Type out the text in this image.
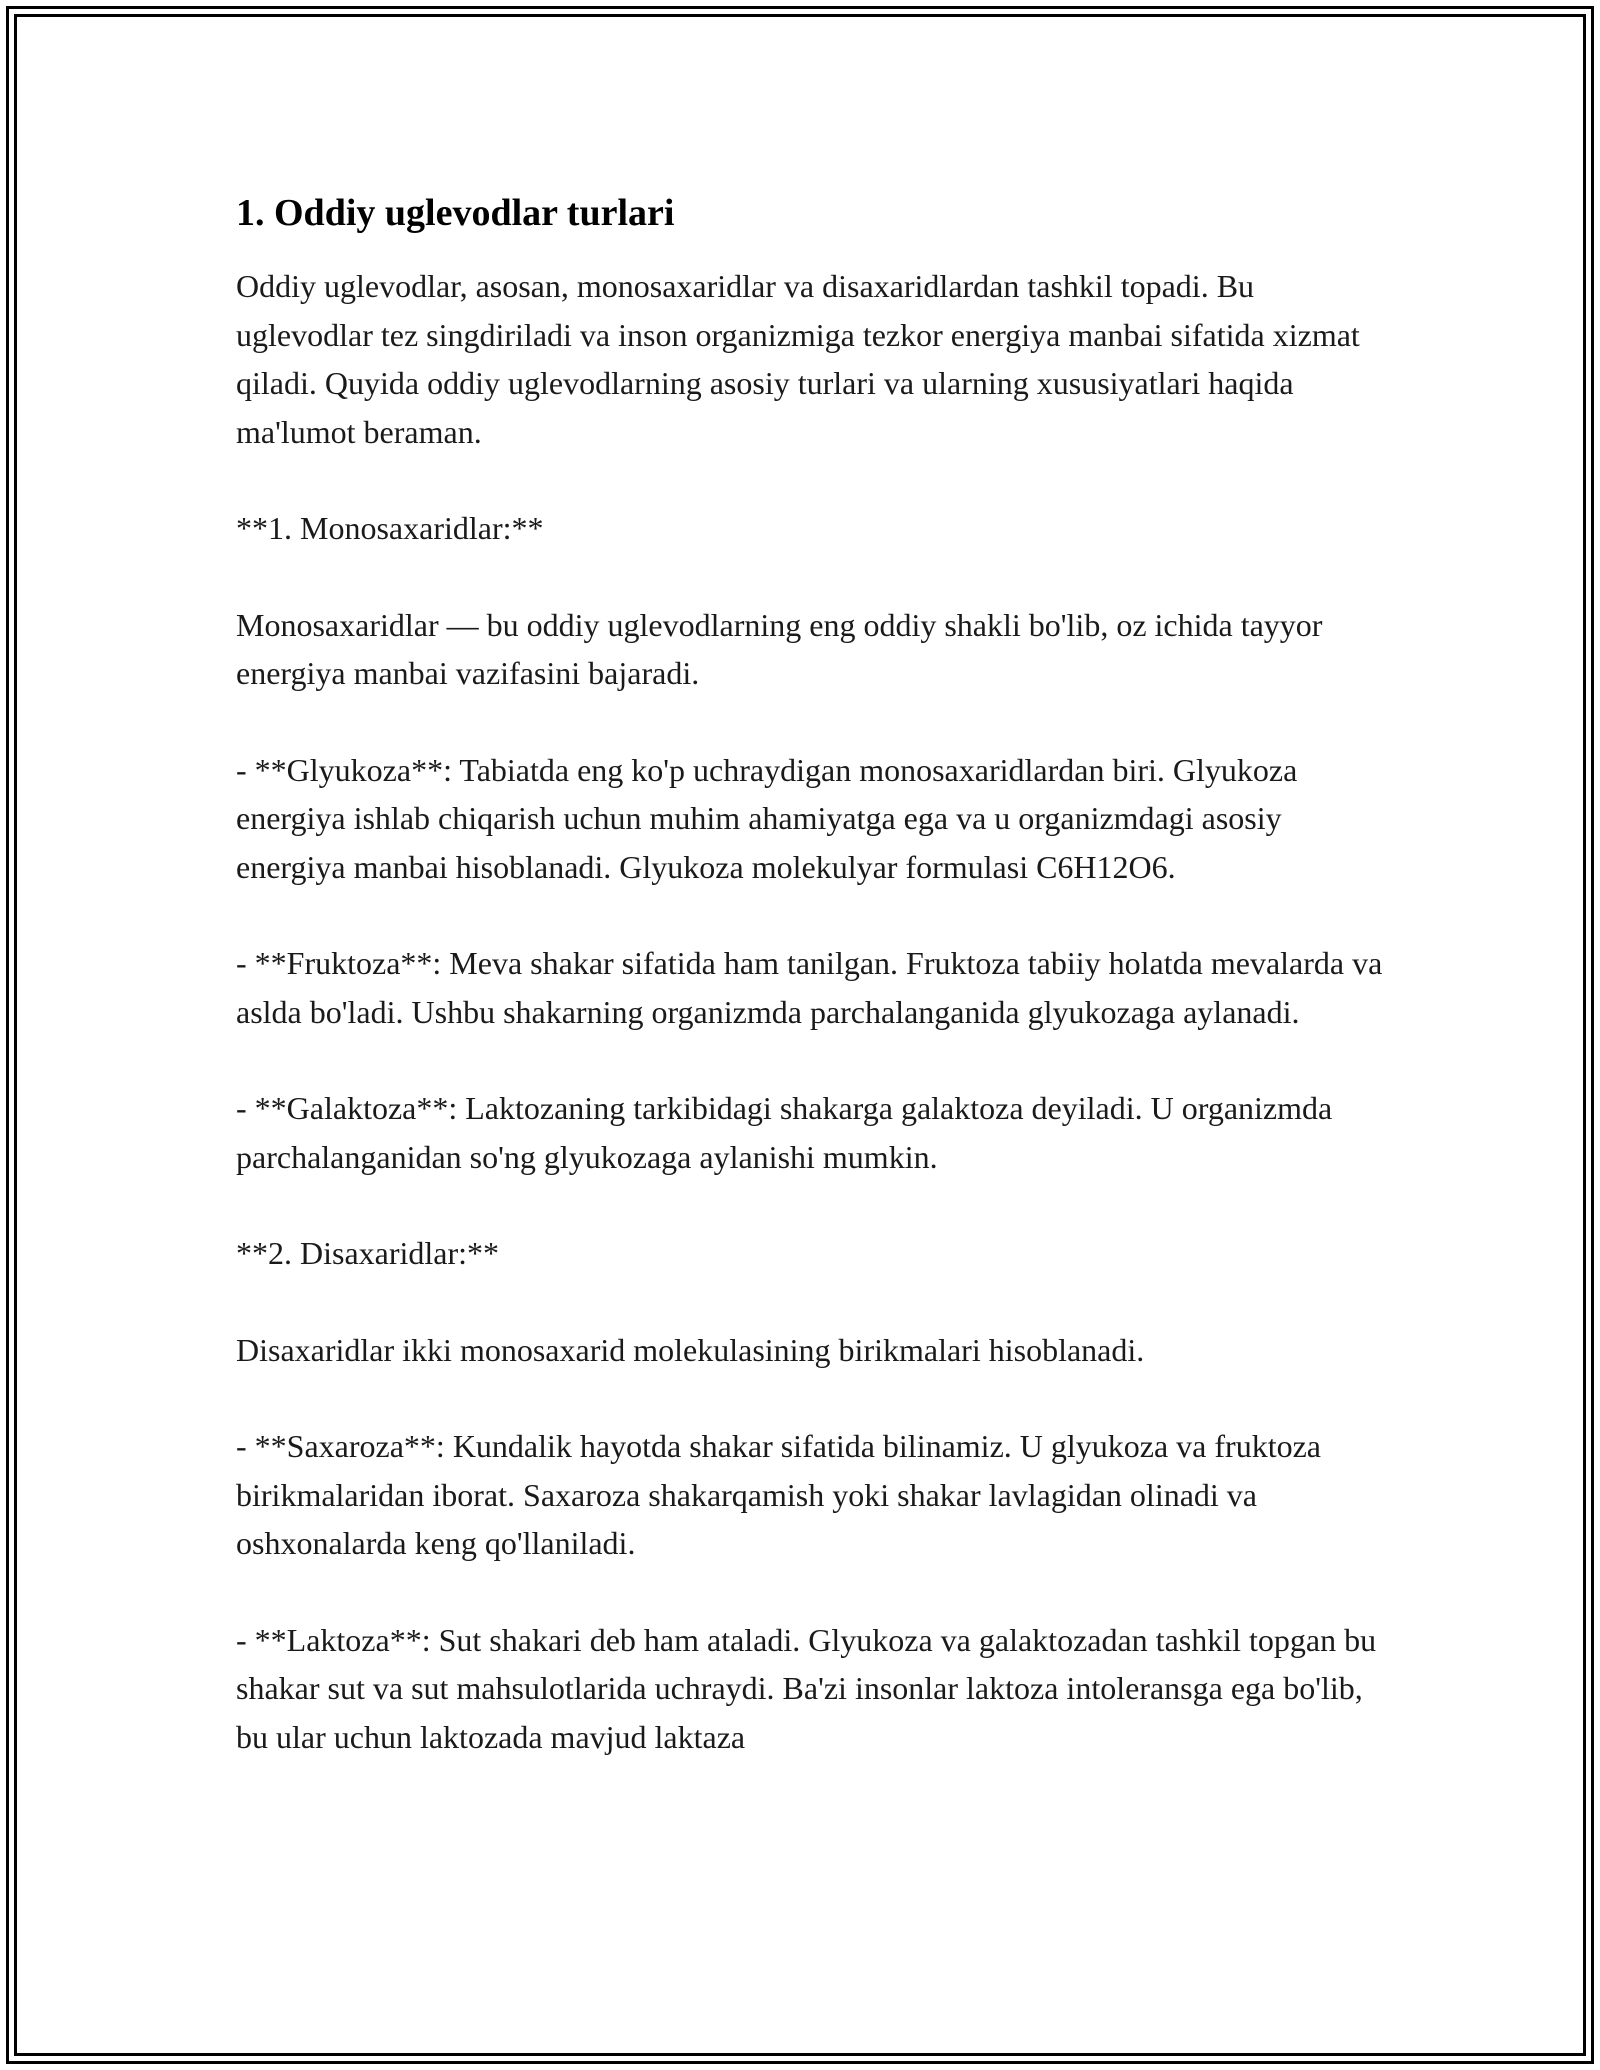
1. Oddiy uglevodlar turlari

Oddiy uglevodlar, asosan, monosaxaridlar va disaxaridlardan tashkil topadi. Bu uglevodlar tez singdiriladi va inson organizmiga tezkor energiya manbai sifatida xizmat qiladi. Quyida oddiy uglevodlarning asosiy turlari va ularning xususiyatlari haqida ma'lumot beraman.

**1. Monosaxaridlar:**

Monosaxaridlar — bu oddiy uglevodlarning eng oddiy shakli bo'lib, oz ichida tayyor energiya manbai vazifasini bajaradi.

- **Glyukoza**: Tabiatda eng ko'p uchraydigan monosaxaridlardan biri. Glyukoza energiya ishlab chiqarish uchun muhim ahamiyatga ega va u organizmdagi asosiy energiya manbai hisoblanadi. Glyukoza molekulyar formulasi C6H12O6.

- **Fruktoza**: Meva shakar sifatida ham tanilgan. Fruktoza tabiiy holatda mevalarda va asldа bo'ladi. Ushbu shakarning organizmda parchalanganida glyukozaga aylanadi.

- **Galaktoza**: Laktozaning tarkibidagi shakarga galaktoza deyiladi. U organizmda parchalanganidan so'ng glyukozaga aylanishi mumkin.

**2. Disaxaridlar:**

Disaxaridlar ikki monosaxarid molekulasining birikmalari hisoblanadi.

- **Saxaroza**: Kundalik hayotda shakar sifatida bilinamiz. U glyukoza va fruktoza birikmalaridan iborat. Saxaroza shakarqamish yoki shakar lavlagidan olinadi va oshxonalarda keng qo'llaniladi.

- **Laktoza**: Sut shakari deb ham ataladi. Glyukoza va galaktozadan tashkil topgan bu shakar sut va sut mahsulotlarida uchraydi. Ba'zi insonlar laktoza intoleransga ega bo'lib, bu ular uchun laktozada mavjud laktaza
